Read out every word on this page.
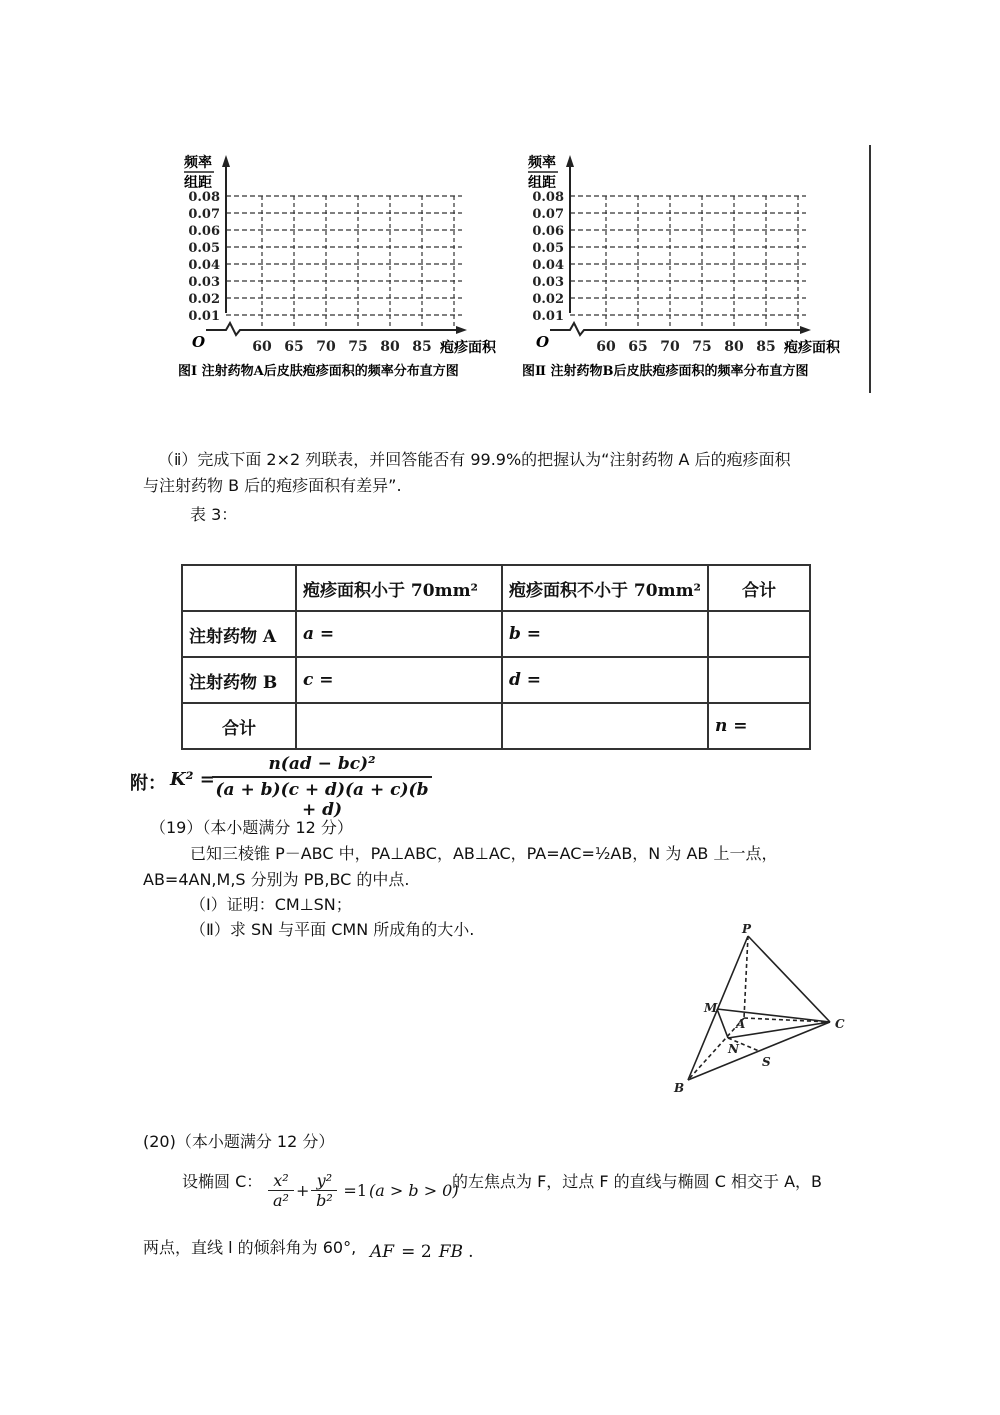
0.01
0.02
0.03
0.04
0.05
0.06
0.07
0.08
60 65 70 75 80 85
频率
组距
O	疱疹面积
图Ⅰ 注射药物A后皮肤疱疹面积的频率分布直方图
0.01
0.02
0.03
0.04
0.05
0.06
0.07
0.08
60 65 70 75 80 85
频率
组距
O	疱疹面积
图Ⅱ 注射药物B后皮肤疱疹面积的频率分布直方图
（ⅱ）完成下面 2×2 列联表，并回答能否有 99.9%的把握认为“注射药物 A 后的疱疹面积
与注射药物 B 后的疱疹面积有差异”.
表 3：
	疱疹面积小于 70mm²	疱疹面积不小于 70mm²	合计
注射药物 A	a =	b =	
注射药物 B	c =	d =	
合计			n =
附： K² =
n(ad − bc)²
(a + b)(c + d)(a + c)(b + d)
（19）（本小题满分 12 分）
已知三棱锥 P－ABC 中，PA⊥ABC，AB⊥AC，PA=AC=½AB，N 为 AB 上一点，
AB=4AN,M,S 分别为 PB,BC 的中点.
（Ⅰ）证明：CM⊥SN；
（Ⅱ）求 SN 与平面 CMN 所成角的大小.	P
M
A	C
N
S
B
(20)（本小题满分 12 分）
设椭圆 C： x²
a²
+
y²
b²
=1 (a > b > 0)
的左焦点为 F，过点 F 的直线与椭圆 C 相交于 A，B
两点，直线 l 的倾斜角为 60°, AF = 2 FB .
